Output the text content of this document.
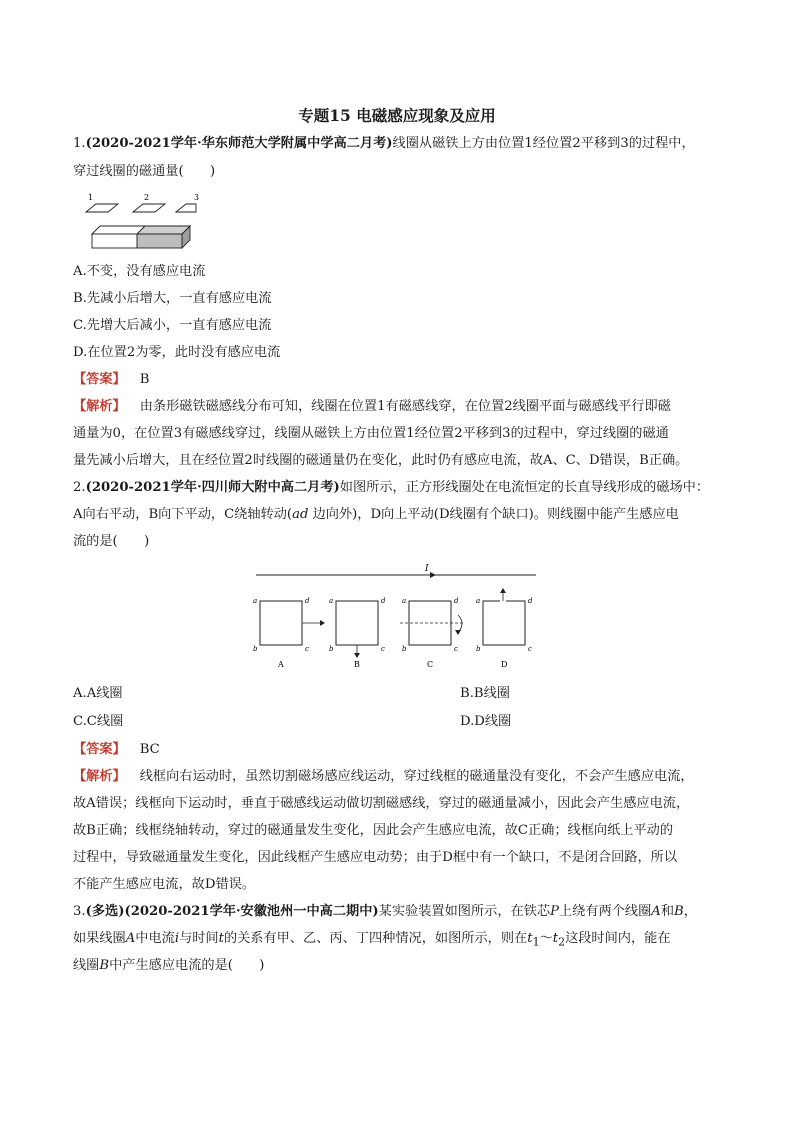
专题15 电磁感应现象及应用
1.(2020-2021学年·华东师范大学附属中学高二月考)线圈从磁铁上方由位置1经位置2平移到3的过程中，
穿过线圈的磁通量(　　)
1	2	3
A.不变，没有感应电流
B.先减小后增大，一直有感应电流
C.先增大后减小，一直有感应电流
D.在位置2为零，此时没有感应电流
【答案】 B
【解析】 由条形磁铁磁感线分布可知，线圈在位置1有磁感线穿，在位置2线圈平面与磁感线平行即磁
通量为0，在位置3有磁感线穿过，线圈从磁铁上方由位置1经位置2平移到3的过程中，穿过线圈的磁通
量先减小后增大，且在经位置2时线圈的磁通量仍在变化，此时仍有感应电流，故A、C、D错误，B正确。
2.(2020-2021学年·四川师大附中高二月考)如图所示，正方形线圈处在电流恒定的长直导线形成的磁场中：
A向右平动，B向下平动，C绕轴转动(ad 边向外)，D向上平动(D线圈有个缺口)。则线圈中能产生感应电
流的是(　　)
I
a	d
b	c
A
a	d
b	c
B
a	d
b	c
C
a	d
b	c
D
A.A线圈	B.B线圈
C.C线圈	D.D线圈
【答案】 BC
【解析】 线框向右运动时，虽然切割磁场感应线运动，穿过线框的磁通量没有变化，不会产生感应电流，
故A错误；线框向下运动时，垂直于磁感线运动做切割磁感线，穿过的磁通量减小，因此会产生感应电流，
故B正确；线框绕轴转动，穿过的磁通量发生变化，因此会产生感应电流，故C正确；线框向纸上平动的
过程中，导致磁通量发生变化，因此线框产生感应电动势；由于D框中有一个缺口，不是闭合回路，所以
不能产生感应电流，故D错误。
3.(多选)(2020-2021学年·安徽池州一中高二期中)某实验装置如图所示，在铁芯P上绕有两个线圈A和B，
如果线圈A中电流i与时间t的关系有甲、乙、丙、丁四种情况，如图所示，则在$t_1\sim t_2$这段时间内，能在
线圈B中产生感应电流的是(　　)
